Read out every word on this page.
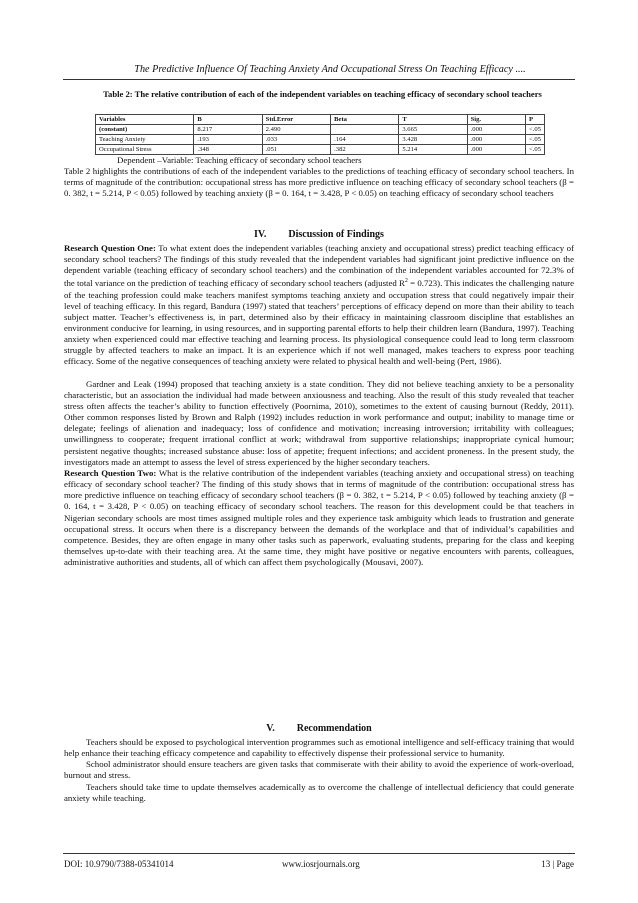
The Predictive Influence Of Teaching Anxiety And Occupational Stress On Teaching Efficacy ....
Table 2: The relative contribution of each of the independent variables on teaching efficacy of secondary school teachers
Variables	B	Std.Error	Beta	T	Sig.	P
(constant)	8.217	2.490		3.665	.000	<.05
Teaching Anxiety	.193	.033	.164	3.428	.000	<.05
Occupational Stress	.348	.051	.382	5.214	.000	<.05
Dependent –Variable: Teaching efficacy of secondary school teachers

Table 2 highlights the contributions of each of the independent variables to the predictions of teaching efficacy of secondary school teachers. In terms of magnitude of the contribution: occupational stress has more predictive influence on teaching efficacy of secondary school teachers (β = 0. 382, t = 5.214, P < 0.05) followed by teaching anxiety (β = 0. 164, t = 3.428, P < 0.05) on teaching efficacy of secondary school teachers

IV. Discussion of Findings

Research Question One: To what extent does the independent variables (teaching anxiety and occupational stress) predict teaching efficacy of secondary school teachers? The findings of this study revealed that the independent variables had significant joint predictive influence on the dependent variable (teaching efficacy of secondary school teachers) and the combination of the independent variables accounted for 72.3% of the total variance on the prediction of teaching efficacy of secondary school teachers (adjusted $R^2 = 0.723$). This indicates the challenging nature of the teaching profession could make teachers manifest symptoms teaching anxiety and occupation stress that could negatively impair their level of teaching efficacy. In this regard, Bandura (1997) stated that teachers’ perceptions of efficacy depend on more than their ability to teach subject matter. Teacher’s effectiveness is, in part, determined also by their efficacy in maintaining classroom discipline that establishes an environment conducive for learning, in using resources, and in supporting parental efforts to help their children learn (Bandura, 1997). Teaching anxiety when experienced could mar effective teaching and learning process. Its physiological consequence could lead to long term classroom struggle by affected teachers to make an impact. It is an experience which if not well managed, makes teachers to express poor teaching efficacy. Some of the negative consequences of teaching anxiety were related to physical health and well-being (Pert, 1986).

Gardner and Leak (1994) proposed that teaching anxiety is a state condition. They did not believe teaching anxiety to be a personality characteristic, but an association the individual had made between anxiousness and teaching. Also the result of this study revealed that teacher stress often affects the teacher’s ability to function effectively (Poornima, 2010), sometimes to the extent of causing burnout (Reddy, 2011). Other common responses listed by Brown and Ralph (1992) includes reduction in work performance and output; inability to manage time or delegate; feelings of alienation and inadequacy; loss of confidence and motivation; increasing introversion; irritability with colleagues; unwillingness to cooperate; frequent irrational conflict at work; withdrawal from supportive relationships; inappropriate cynical humour; persistent negative thoughts; increased substance abuse: loss of appetite; frequent infections; and accident proneness. In the present study, the investigators made an attempt to assess the level of stress experienced by the higher secondary teachers.

Research Question Two: What is the relative contribution of the independent variables (teaching anxiety and occupational stress) on teaching efficacy of secondary school teacher? The finding of this study shows that in terms of magnitude of the contribution: occupational stress has more predictive influence on teaching efficacy of secondary school teachers (β = 0. 382, t = 5.214, P < 0.05) followed by teaching anxiety (β = 0. 164, t = 3.428, P < 0.05) on teaching efficacy of secondary school teachers. The reason for this development could be that teachers in Nigerian secondary schools are most times assigned multiple roles and they experience task ambiguity which leads to frustration and generate occupational stress. It occurs when there is a discrepancy between the demands of the workplace and that of individual’s capabilities and competence. Besides, they are often engage in many other tasks such as paperwork, evaluating students, preparing for the class and keeping themselves up-to-date with their teaching area. At the same time, they might have positive or negative encounters with parents, colleagues, administrative authorities and students, all of which can affect them psychologically (Mousavi, 2007).

V. Recommendation

Teachers should be exposed to psychological intervention programmes such as emotional intelligence and self-efficacy training that would help enhance their teaching efficacy competence and capability to effectively dispense their professional service to humanity.

School administrator should ensure teachers are given tasks that commiserate with their ability to avoid the experience of work-overload, burnout and stress.

Teachers should take time to update themselves academically as to overcome the challenge of intellectual deficiency that could generate anxiety while teaching.

DOI: 10.9790/7388-05341014	www.iosrjournals.org	13 | Page
